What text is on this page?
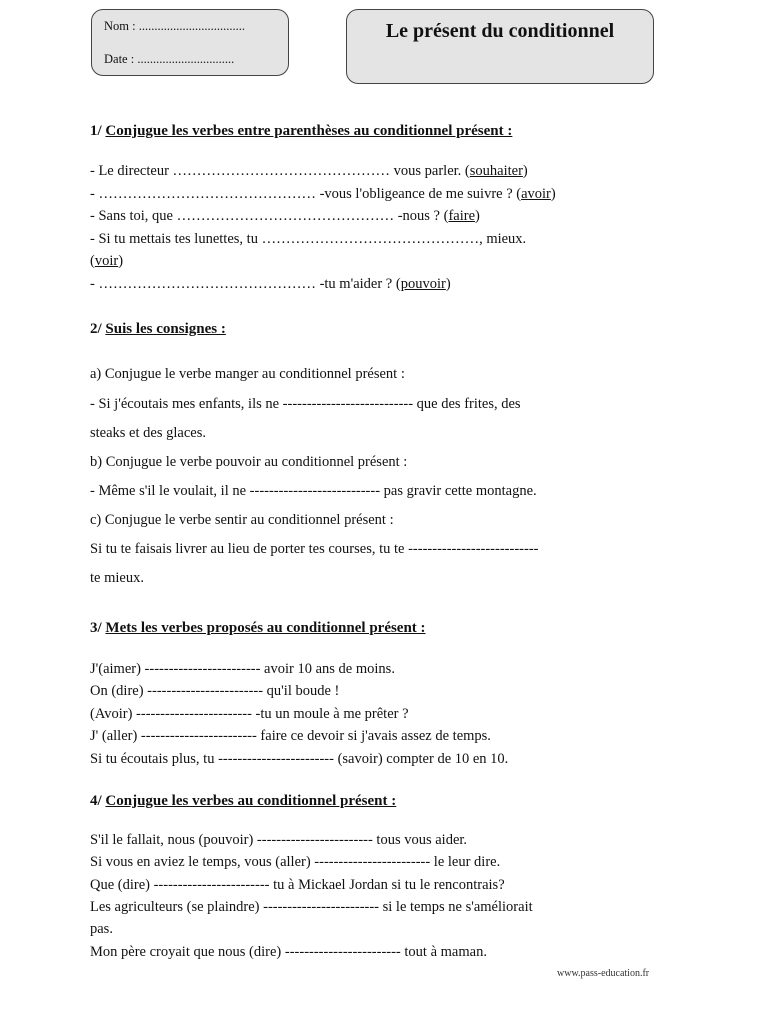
Nom : ..................................
Date : ...............................
Le présent du conditionnel
1/ Conjugue les verbes entre parenthèses au conditionnel présent :
- Le directeur ……………………………………… vous parler. (souhaiter)
- ……………………………………… -vous l'obligeance de me suivre ? (avoir)
- Sans toi, que ……………………………………… -nous ? (faire)
- Si tu mettais tes lunettes, tu ………………………………………, mieux.
(voir)
- ……………………………………… -tu m'aider ? (pouvoir)
2/ Suis les consignes :
a) Conjugue le verbe manger au conditionnel présent :
- Si j'écoutais mes enfants, ils ne --------------------------- que des frites, des
steaks et des glaces.
b) Conjugue le verbe pouvoir au conditionnel présent :
- Même s'il le voulait, il ne --------------------------- pas gravir cette montagne.
c) Conjugue le verbe sentir au conditionnel présent :
Si tu te faisais livrer au lieu de porter tes courses, tu te ---------------------------
te mieux.
3/ Mets les verbes proposés au conditionnel présent :
J'(aimer) ------------------------ avoir 10 ans de moins.
On (dire) ------------------------ qu'il boude !
(Avoir) ------------------------ -tu un moule à me prêter ?
J' (aller) ------------------------ faire ce devoir si j'avais assez de temps.
Si tu écoutais plus, tu ------------------------ (savoir) compter de 10 en 10.
4/ Conjugue les verbes au conditionnel présent :
S'il le fallait, nous (pouvoir) ------------------------ tous vous aider.
Si vous en aviez le temps, vous (aller) ------------------------ le leur dire.
Que (dire) ------------------------ tu à Mickael Jordan si tu le rencontrais?
Les agriculteurs (se plaindre) ------------------------ si le temps ne s'améliorait
pas.
Mon père croyait que nous (dire) ------------------------ tout à maman.
www.pass-education.fr
